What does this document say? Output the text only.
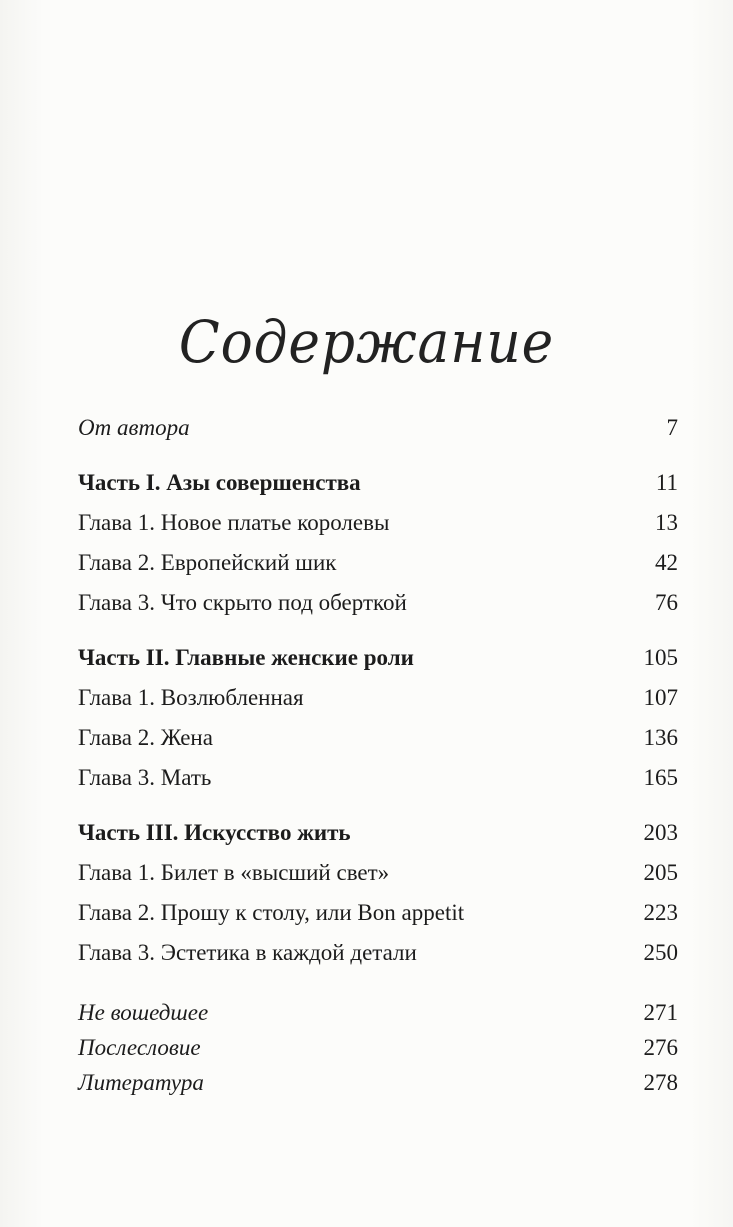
Содержание
От автора	7
Часть I. Азы совершенства	11
Глава 1. Новое платье королевы	13
Глава 2. Европейский шик	42
Глава 3. Что скрыто под оберткой	76
Часть II. Главные женские роли	105
Глава 1. Возлюбленная	107
Глава 2. Жена	136
Глава 3. Мать	165
Часть III. Искусство жить	203
Глава 1. Билет в «высший свет»	205
Глава 2. Прошу к столу, или Bon appetit	223
Глава 3. Эстетика в каждой детали	250
Не вошедшее	271
Послесловие	276
Литература	278
